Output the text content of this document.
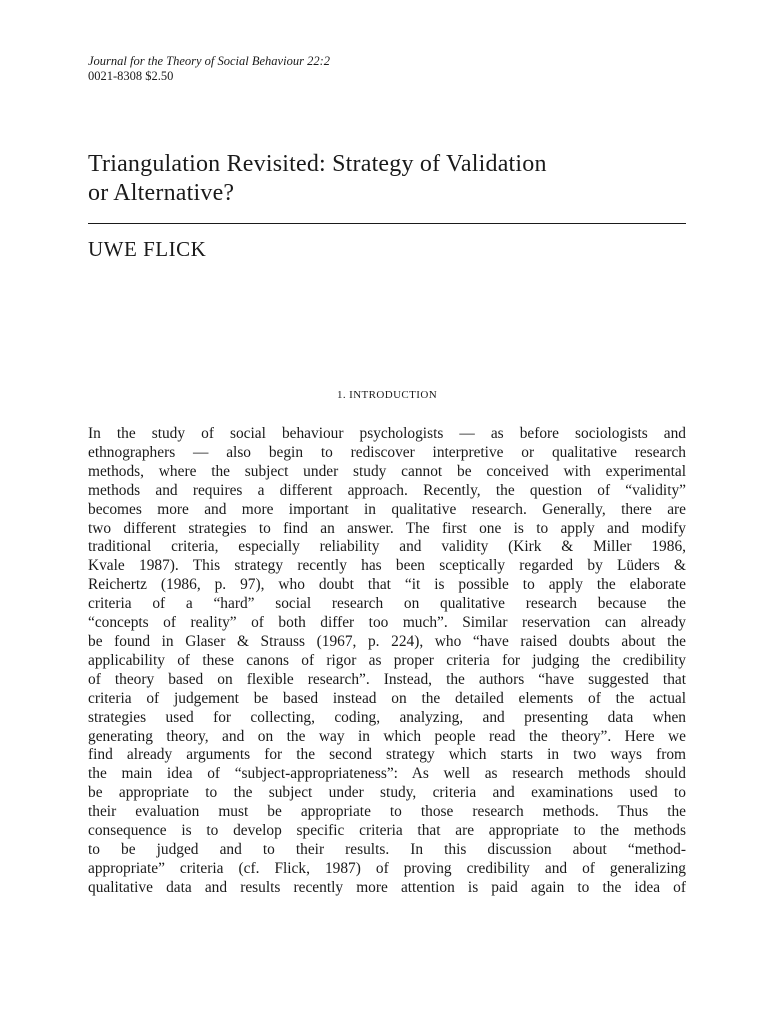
Journal for the Theory of Social Behaviour 22:2
0021-8308 $2.50
Triangulation Revisited: Strategy of Validation
or Alternative?
UWE FLICK
1. INTRODUCTION
In the study of social behaviour psychologists — as before sociologists and
ethnographers — also begin to rediscover interpretive or qualitative research
methods, where the subject under study cannot be conceived with experimental
methods and requires a different approach. Recently, the question of “validity”
becomes more and more important in qualitative research. Generally, there are
two different strategies to find an answer. The first one is to apply and modify
traditional criteria, especially reliability and validity (Kirk & Miller 1986,
Kvale 1987). This strategy recently has been sceptically regarded by Lüders &
Reichertz (1986, p. 97), who doubt that “it is possible to apply the elaborate
criteria of a “hard” social research on qualitative research because the
“concepts of reality” of both differ too much”. Similar reservation can already
be found in Glaser & Strauss (1967, p. 224), who “have raised doubts about the
applicability of these canons of rigor as proper criteria for judging the credibility
of theory based on flexible research”. Instead, the authors “have suggested that
criteria of judgement be based instead on the detailed elements of the actual
strategies used for collecting, coding, analyzing, and presenting data when
generating theory, and on the way in which people read the theory”. Here we
find already arguments for the second strategy which starts in two ways from
the main idea of “subject-appropriateness”: As well as research methods should
be appropriate to the subject under study, criteria and examinations used to
their evaluation must be appropriate to those research methods. Thus the
consequence is to develop specific criteria that are appropriate to the methods
to be judged and to their results. In this discussion about “method-
appropriate” criteria (cf. Flick, 1987) of proving credibility and of generalizing
qualitative data and results recently more attention is paid again to the idea of
